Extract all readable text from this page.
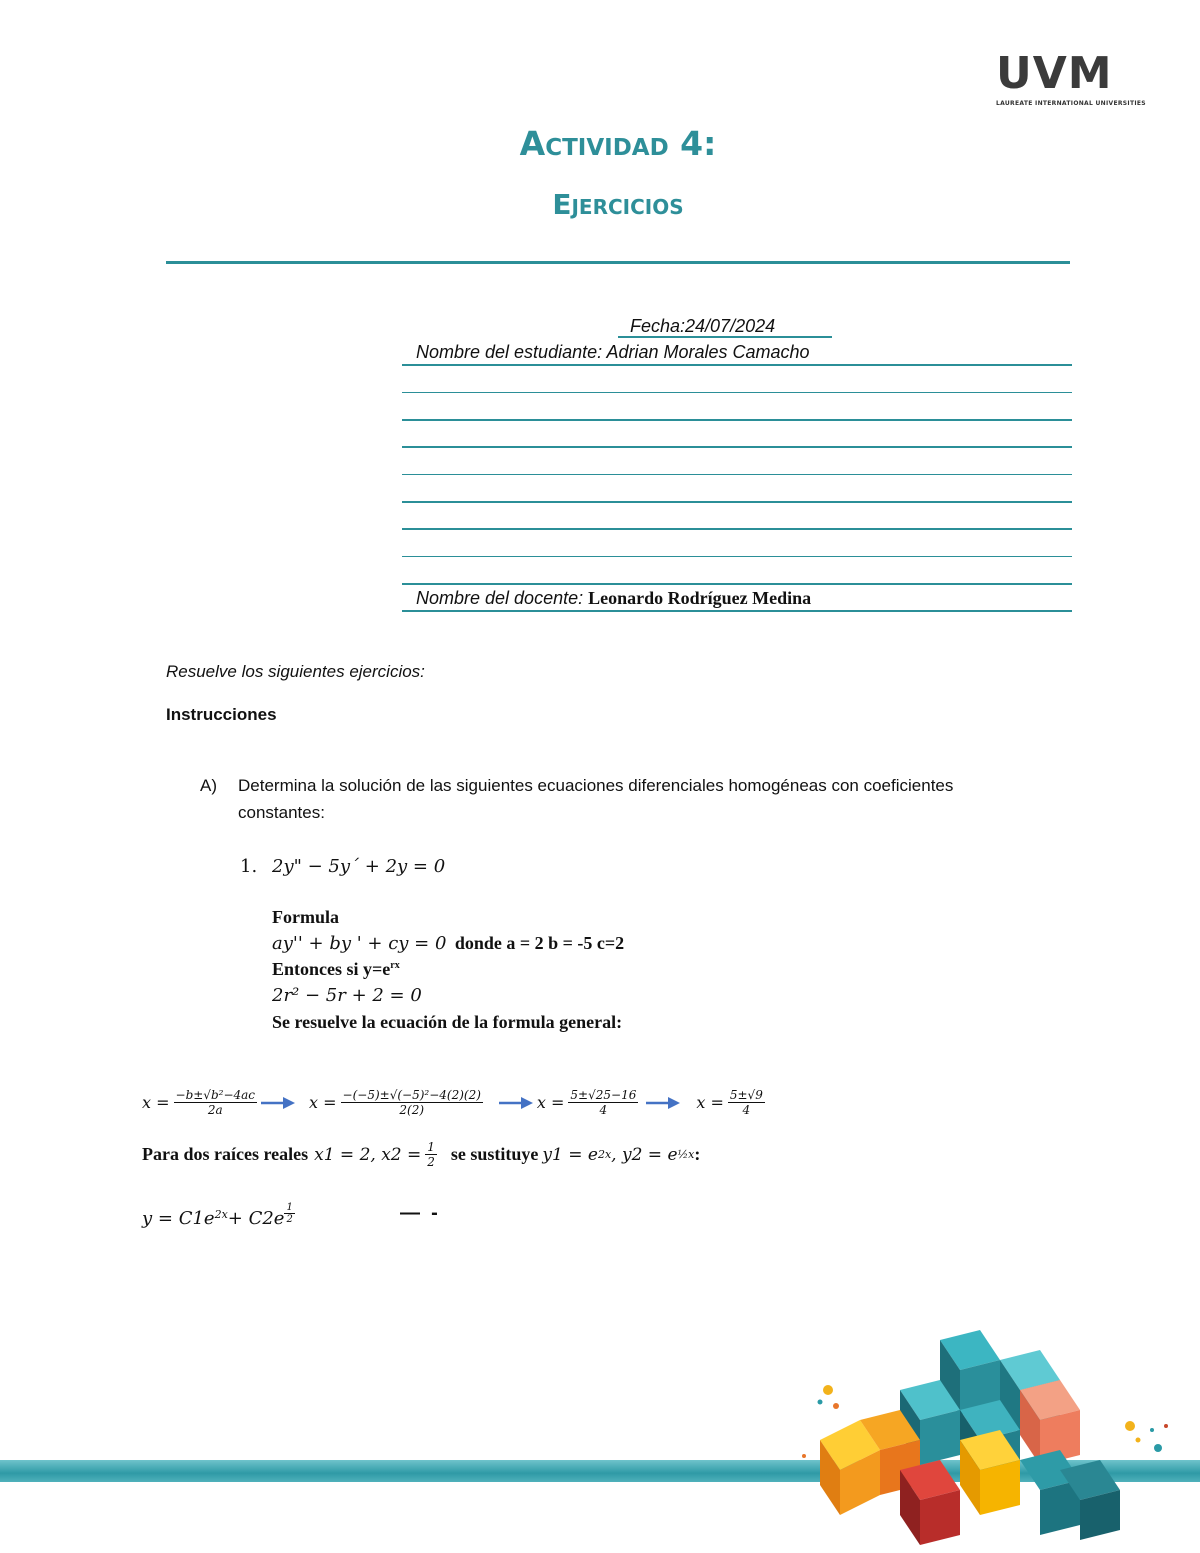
UVM
LAUREATE INTERNATIONAL UNIVERSITIES
Actividad 4:
Ejercicios
Fecha:24/07/2024
Nombre del estudiante: Adrian Morales Camacho
Nombre del docente: Leonardo Rodríguez Medina
Resuelve los siguientes ejercicios:
Instrucciones
A) Determina la solución de las siguientes ecuaciones diferenciales homogéneas con coeficientes
constantes:
1. 2y" − 5y´ + 2y = 0
Formula
ay'' + by ' + cy = 0 donde a = 2 b = -5 c=2
Entonces si $y=e^{rx}$
2r² − 5r + 2 = 0
Se resuelve la ecuación de la formula general:
$x = \frac{\text{−b±√b²−4ac}}{2a}$	$x = \frac{\text{−(−5)±√(−5)²−4(2)(2)}}{2(2)}$	$x = \frac{5\pm√25-16}{4}$	$x = \frac{5\pm√9}{4}$
Para dos raíces reales x1 = 2, $x2 = \frac{1}{2}$ se sustituye y1 = e 2x , y2 = e ½x :
$y = C1e^{2x} + C2e \frac{1}{2}$	—  -
